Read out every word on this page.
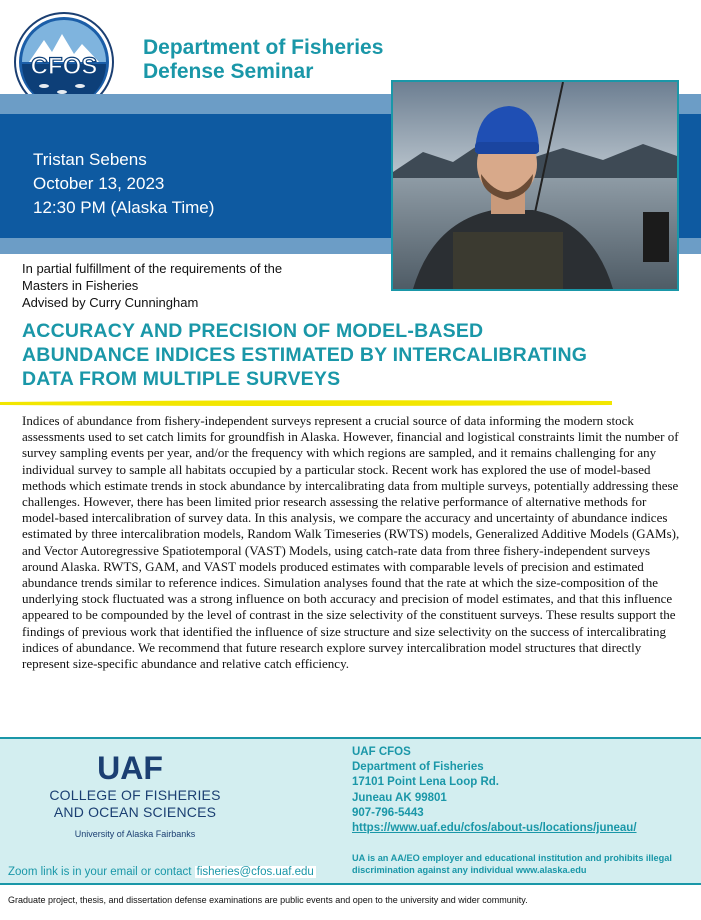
CFOS
Department of Fisheries
Defense Seminar
Tristan Sebens
October 13, 2023
12:30 PM (Alaska Time)
In partial fulfillment of the requirements of the
Masters in Fisheries
Advised by Curry Cunningham
ACCURACY AND PRECISION OF MODEL-BASED
ABUNDANCE INDICES ESTIMATED BY INTERCALIBRATING
DATA FROM MULTIPLE SURVEYS
Indices of abundance from fishery-independent surveys represent a crucial source of data informing the modern stock assessments used to set catch limits for groundfish in Alaska. However, financial and logistical constraints limit the number of survey sampling events per year, and/or the frequency with which regions are sampled, and it remains challenging for any individual survey to sample all habitats occupied by a particular stock. Recent work has explored the use of model-based methods which estimate trends in stock abundance by intercalibrating data from multiple surveys, potentially addressing these challenges. However, there has been limited prior research assessing the relative performance of alternative methods for model-based intercalibration of survey data. In this analysis, we compare the accuracy and uncertainty of abundance indices estimated by three intercalibration models, Random Walk Timeseries (RWTS) models, Generalized Additive Models (GAMs), and Vector Autoregressive Spatiotemporal (VAST) Models, using catch-rate data from three fishery-independent surveys around Alaska. RWTS, GAM, and VAST models produced estimates with comparable levels of precision and estimated abundance trends similar to reference indices. Simulation analyses found that the rate at which the size-composition of the underlying stock fluctuated was a strong influence on both accuracy and precision of model estimates, and that this influence appeared to be compounded by the level of contrast in the size selectivity of the constituent surveys. These results support the findings of previous work that identified the influence of size structure and size selectivity on the success of intercalibrating indices of abundance. We recommend that future research explore survey intercalibration model structures that directly represent size-specific abundance and relative catch efficiency.
UAF
COLLEGE OF FISHERIES
AND OCEAN SCIENCES
University of Alaska Fairbanks
Zoom link is in your email or contact fisheries@cfos.uaf.edu
UAF CFOS
Department of Fisheries
17101 Point Lena Loop Rd.
Juneau AK 99801
907-796-5443
https://www.uaf.edu/cfos/about-us/locations/juneau/
UA is an AA/EO employer and educational institution and prohibits illegal discrimination against any individual www.alaska.edu
Graduate project, thesis, and dissertation defense examinations are public events and open to the university and wider community.
